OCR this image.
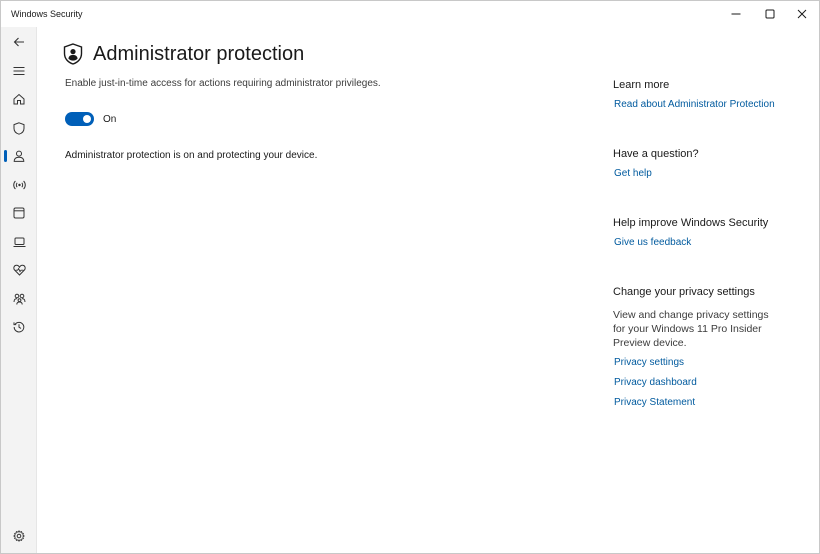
Windows Security
Administrator protection

Enable just-in-time access for actions requiring administrator privileges.

On

Administrator protection is on and protecting your device.

Learn more
Read about Administrator Protection
Have a question?
Get help
Help improve Windows Security
Give us feedback
Change your privacy settings

View and change privacy settings for your Windows 11 Pro Insider Preview device.

Privacy settings
Privacy dashboard
Privacy Statement
